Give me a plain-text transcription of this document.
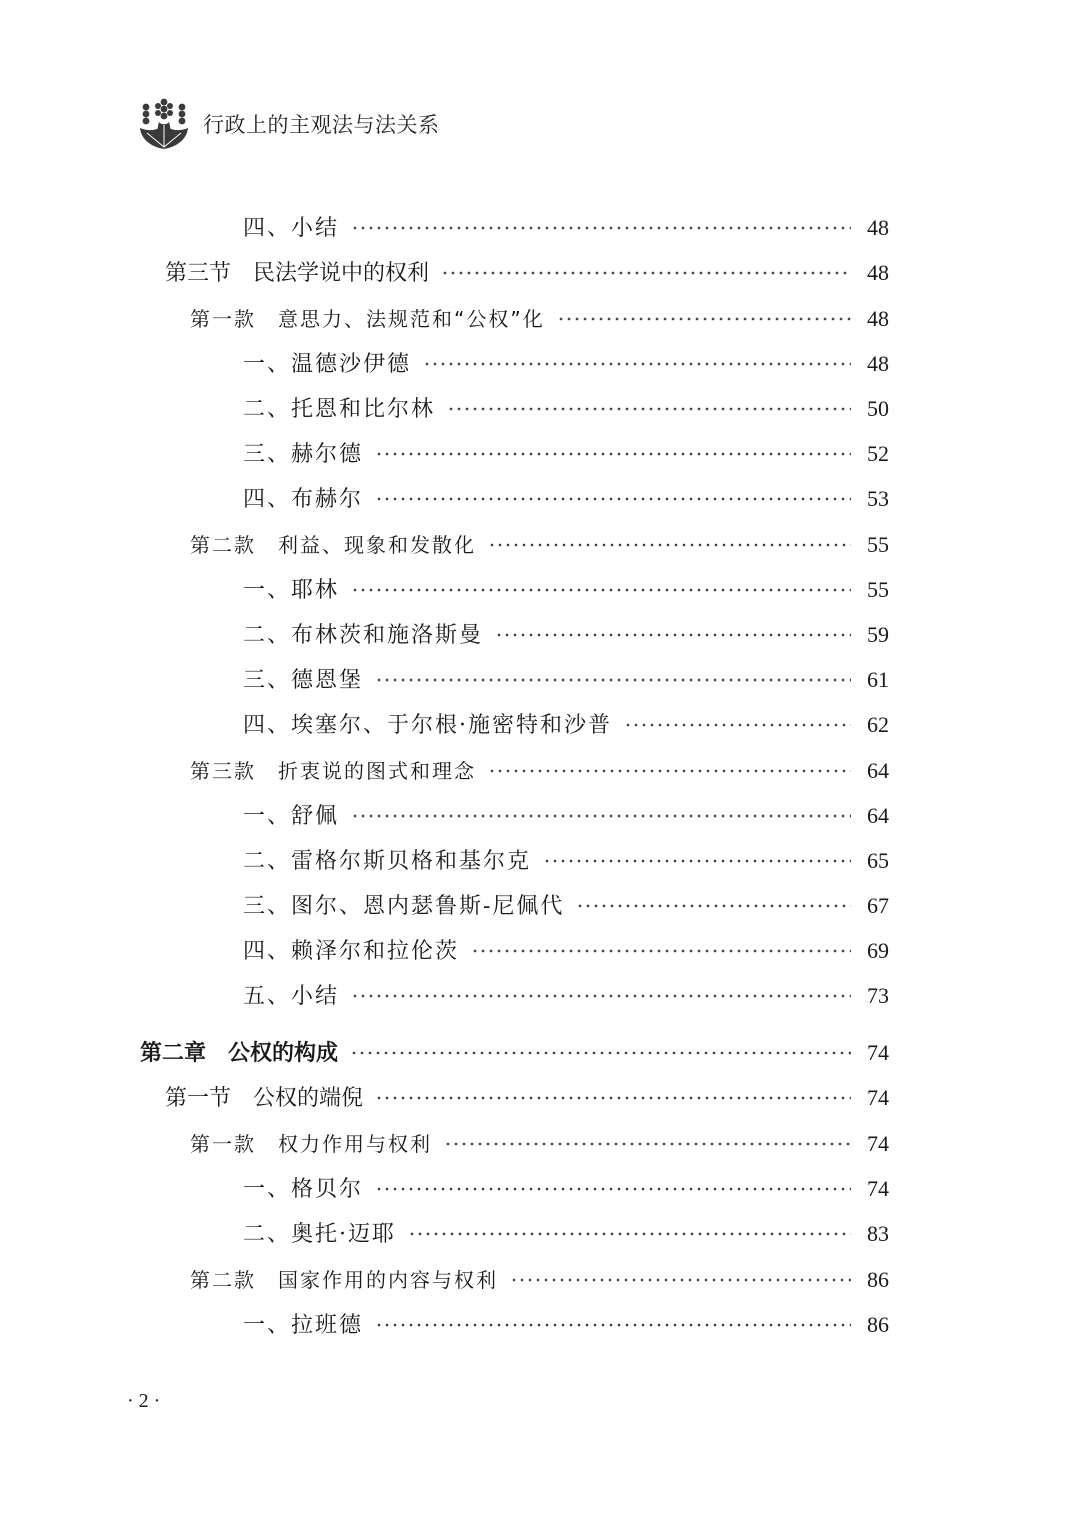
行政上的主观法与法关系
四、小结	48
第三节　民法学说中的权利	48
第一款　意思力、法规范和“公权”化	48
一、温德沙伊德	48
二、托恩和比尔林	50
三、赫尔德	52
四、布赫尔	53
第二款　利益、现象和发散化	55
一、耶林	55
二、布林茨和施洛斯曼	59
三、德恩堡	61
四、埃塞尔、于尔根·施密特和沙普	62
第三款　折衷说的图式和理念	64
一、舒佩	64
二、雷格尔斯贝格和基尔克	65
三、图尔、恩内瑟鲁斯-尼佩代	67
四、赖泽尔和拉伦茨	69
五、小结	73
第二章　公权的构成	74
第一节　公权的端倪	74
第一款　权力作用与权利	74
一、格贝尔	74
二、奥托·迈耶	83
第二款　国家作用的内容与权利	86
一、拉班德	86
· 2 ·
